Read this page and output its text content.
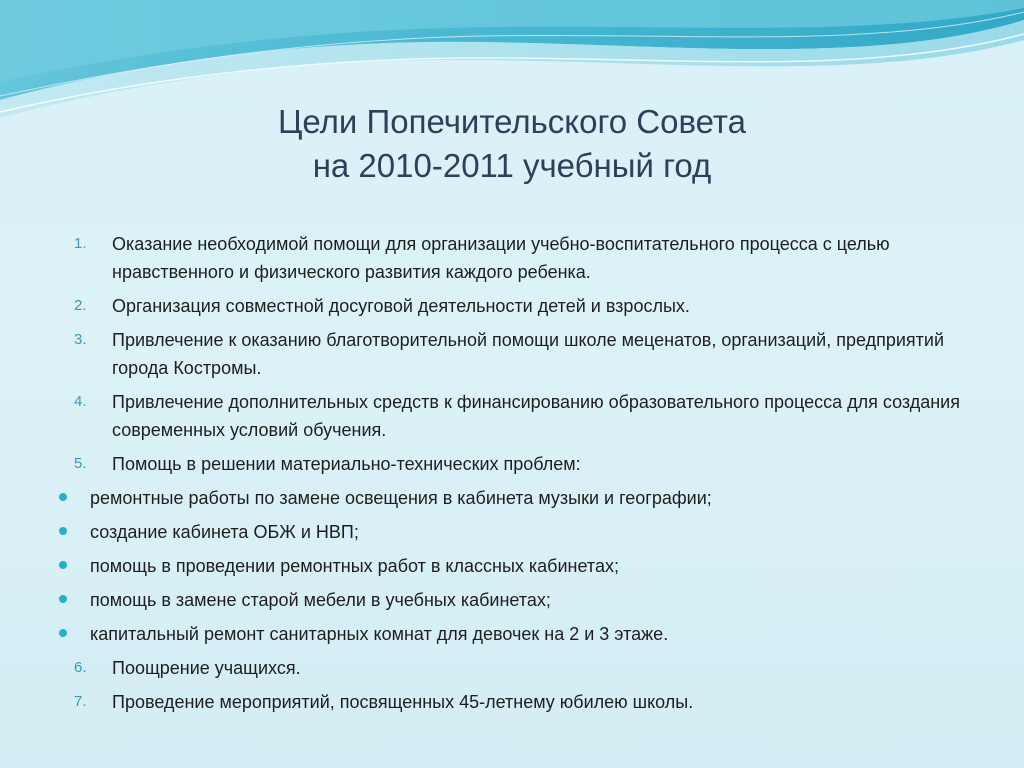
Цели Попечительского Совета
на 2010-2011 учебный год
1. Оказание необходимой помощи для организации учебно-воспитательного процесса с целью нравственного и физического развития каждого ребенка.
2. Организация совместной досуговой деятельности детей и взрослых.
3. Привлечение к оказанию благотворительной помощи школе меценатов, организаций, предприятий города Костромы.
4. Привлечение дополнительных средств к финансированию образовательного процесса для создания современных условий обучения.
5. Помощь в решении материально-технических проблем:
ремонтные работы по замене освещения в кабинета музыки и географии;
создание кабинета ОБЖ и НВП;
помощь в проведении ремонтных работ в классных кабинетах;
помощь в замене старой мебели в учебных кабинетах;
капитальный ремонт санитарных комнат для девочек на 2 и 3 этаже.
6. Поощрение учащихся.
7. Проведение мероприятий, посвященных 45-летнему юбилею школы.
